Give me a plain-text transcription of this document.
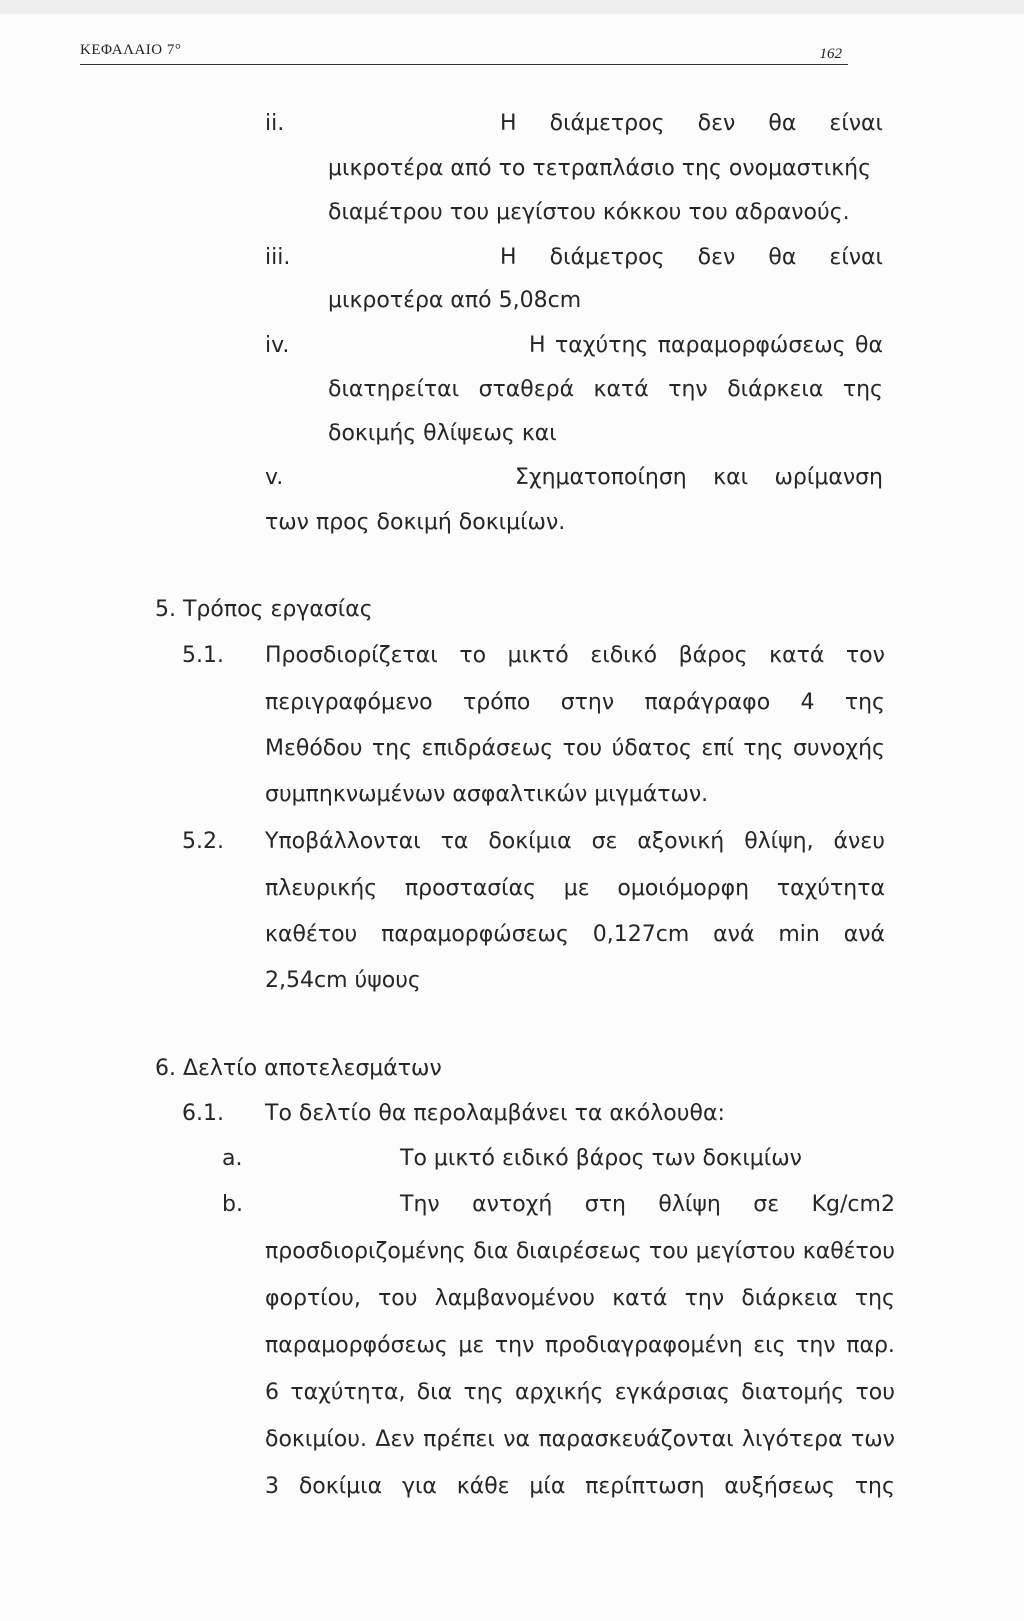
ΚΕΦΑΛΑΙΟ 7°	162
ii.	Η διάμετρος δεν θα είναι
μικροτέρα από το τετραπλάσιο της ονομαστικής
διαμέτρου του μεγίστου κόκκου του αδρανούς.
iii.	Η διάμετρος δεν θα είναι
μικροτέρα από 5,08cm
iv.	Η ταχύτης παραμορφώσεως θα
διατηρείται σταθερά κατά την διάρκεια της
δοκιμής θλίψεως και
v.	Σχηματοποίηση και ωρίμανση
των προς δοκιμή δοκιμίων.
5. Τρόπος εργασίας
5.1. Προσδιορίζεται το μικτό ειδικό βάρος κατά τον
περιγραφόμενο τρόπο στην παράγραφο 4 της
Μεθόδου της επιδράσεως του ύδατος επί της συνοχής
συμπηκνωμένων ασφαλτικών μιγμάτων.
5.2. Υποβάλλονται τα δοκίμια σε αξονική θλίψη, άνευ
πλευρικής προστασίας με ομοιόμορφη ταχύτητα
καθέτου παραμορφώσεως 0,127cm ανά min ανά
2,54cm ύψους
6. Δελτίο αποτελεσμάτων
6.1. Το δελτίο θα περολαμβάνει τα ακόλουθα:
a.	Το μικτό ειδικό βάρος των δοκιμίων
b.	Την αντοχή στη θλίψη σε Kg/cm2
προσδιοριζομένης δια διαιρέσεως του μεγίστου καθέτου
φορτίου, του λαμβανομένου κατά την διάρκεια της
παραμορφόσεως με την προδιαγραφομένη εις την παρ.
6 ταχύτητα, δια της αρχικής εγκάρσιας διατομής του
δοκιμίου. Δεν πρέπει να παρασκευάζονται λιγότερα των
3 δοκίμια για κάθε μία περίπτωση αυξήσεως της
